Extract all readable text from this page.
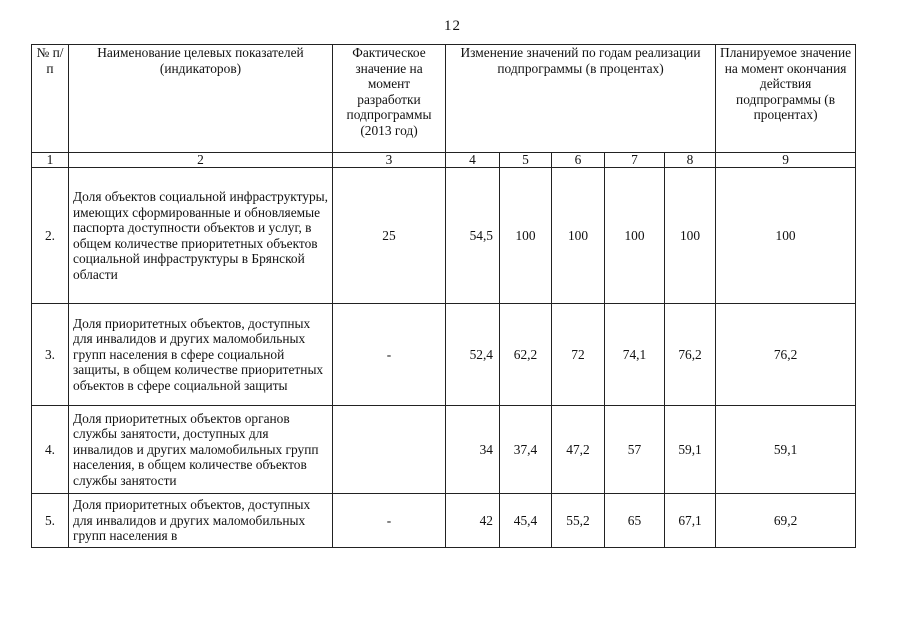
12
№ п/п	Наименование целевых показателей (индикаторов)	Фактическое значение на момент разработки подпрограммы (2013 год)	Изменение значений по годам реализации подпрограммы (в процентах)					Планируемое значение на момент окончания действия подпрограммы (в процентах)
1	2	3	4	5	6	7	8	9
2.	Доля объектов социальной инфраструктуры, имеющих сформированные и обновляемые паспорта доступности объектов и услуг, в общем количестве приоритетных объектов социальной инфраструктуры в Брянской области	25	54,5	100	100	100	100	100
3.	Доля приоритетных объектов, доступных для инвалидов и других маломобильных групп населения в сфере социальной защиты, в общем количестве приоритетных объектов в сфере социальной защиты	-	52,4	62,2	72	74,1	76,2	76,2
4.	Доля приоритетных объектов органов службы занятости, доступных для инвалидов и других маломобильных групп населения, в общем количестве объектов службы занятости		34	37,4	47,2	57	59,1	59,1
5.	Доля приоритетных объектов, доступных для инвалидов и других маломобильных групп населения в	-	42	45,4	55,2	65	67,1	69,2
